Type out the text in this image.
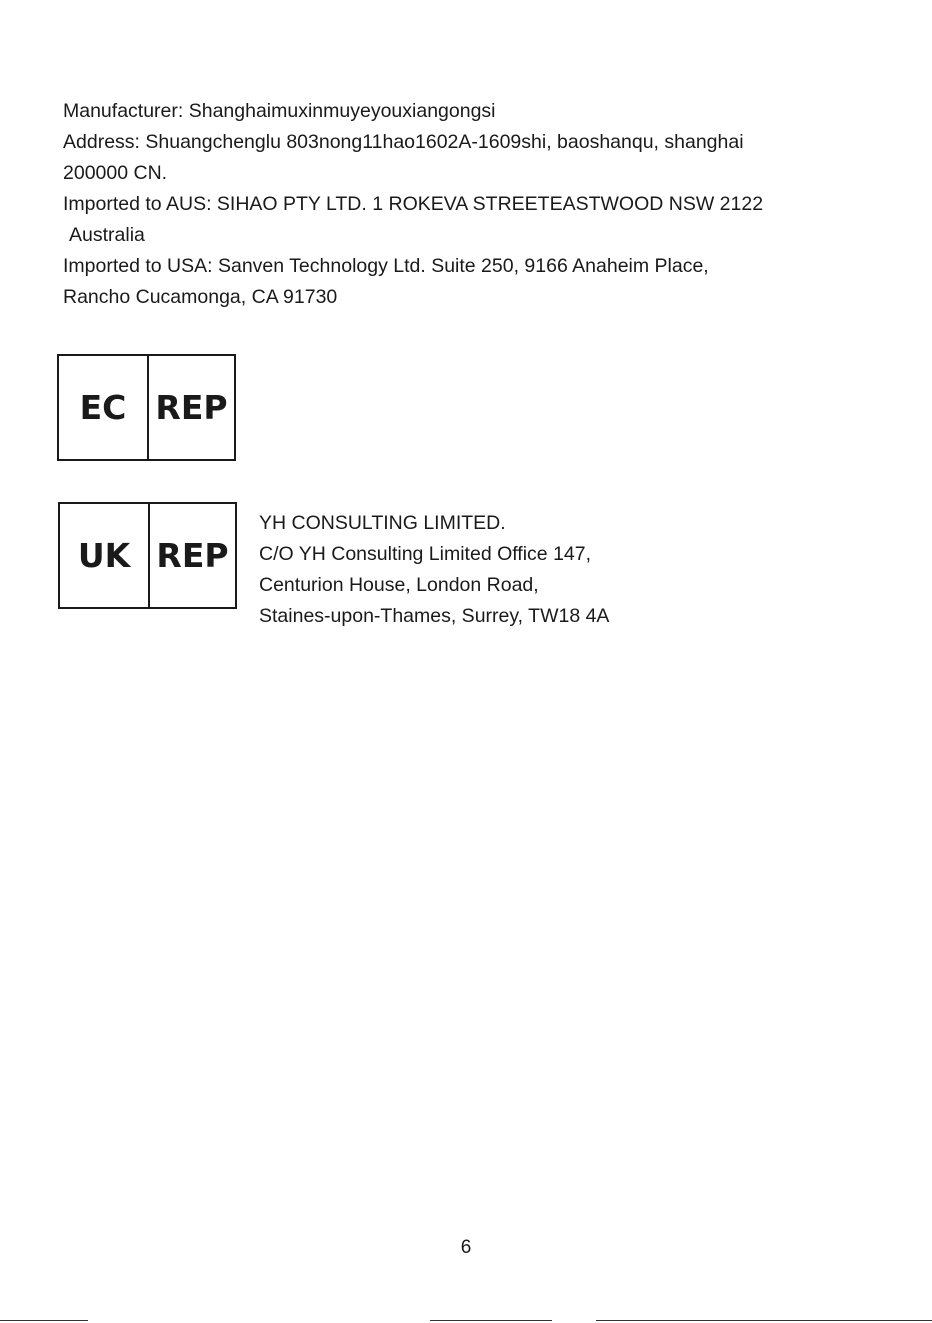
Manufacturer: Shanghaimuxinmuyeyouxiangongsi
Address: Shuangchenglu 803nong11hao1602A-1609shi, baoshanqu, shanghai
200000 CN.
Imported to AUS: SIHAO PTY LTD. 1 ROKEVA STREETEASTWOOD NSW 2122
Australia
Imported to USA: Sanven Technology Ltd. Suite 250, 9166 Anaheim Place,
Rancho Cucamonga, CA 91730
EC REP
UK REP
YH CONSULTING LIMITED.
C/O YH Consulting Limited Office 147,
Centurion House, London Road,
Staines-upon-Thames, Surrey, TW18 4A
6
